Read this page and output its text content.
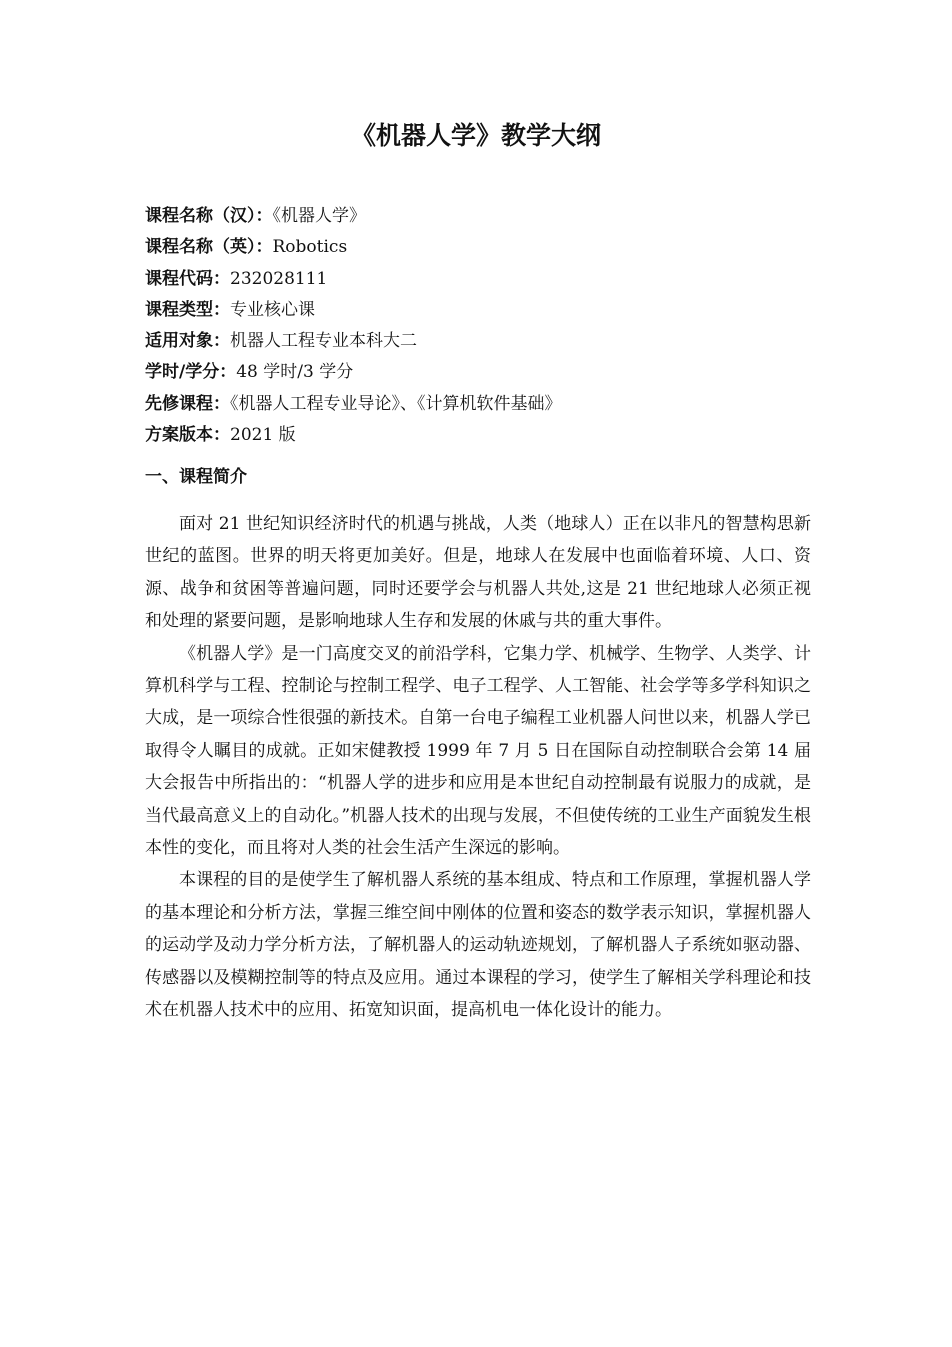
《机器人学》教学大纲
课程名称（汉）：《机器人学》
课程名称（英）：Robotics
课程代码：232028111
课程类型：专业核心课
适用对象：机器人工程专业本科大二
学时/学分：48 学时/3 学分
先修课程：《机器人工程专业导论》、《计算机软件基础》
方案版本：2021 版
一、课程简介

面对 21 世纪知识经济时代的机遇与挑战，人类（地球人）正在以非凡的智慧构思新世纪的蓝图。世界的明天将更加美好。但是，地球人在发展中也面临着环境、人口、资源、战争和贫困等普遍问题，同时还要学会与机器人共处,这是 21 世纪地球人必须正视和处理的紧要问题，是影响地球人生存和发展的休戚与共的重大事件。

《机器人学》是一门高度交叉的前沿学科，它集力学、机械学、生物学、人类学、计算机科学与工程、控制论与控制工程学、电子工程学、人工智能、社会学等多学科知识之大成，是一项综合性很强的新技术。自第一台电子编程工业机器人问世以来，机器人学已取得令人瞩目的成就。正如宋健教授 1999 年 7 月 5 日在国际自动控制联合会第 14 届大会报告中所指出的：“机器人学的进步和应用是本世纪自动控制最有说服力的成就，是当代最高意义上的自动化。”机器人技术的出现与发展，不但使传统的工业生产面貌发生根本性的变化，而且将对人类的社会生活产生深远的影响。

本课程的目的是使学生了解机器人系统的基本组成、特点和工作原理，掌握机器人学的基本理论和分析方法，掌握三维空间中刚体的位置和姿态的数学表示知识，掌握机器人的运动学及动力学分析方法，了解机器人的运动轨迹规划，了解机器人子系统如驱动器、传感器以及模糊控制等的特点及应用。通过本课程的学习，使学生了解相关学科理论和技术在机器人技术中的应用、拓宽知识面，提高机电一体化设计的能力。
